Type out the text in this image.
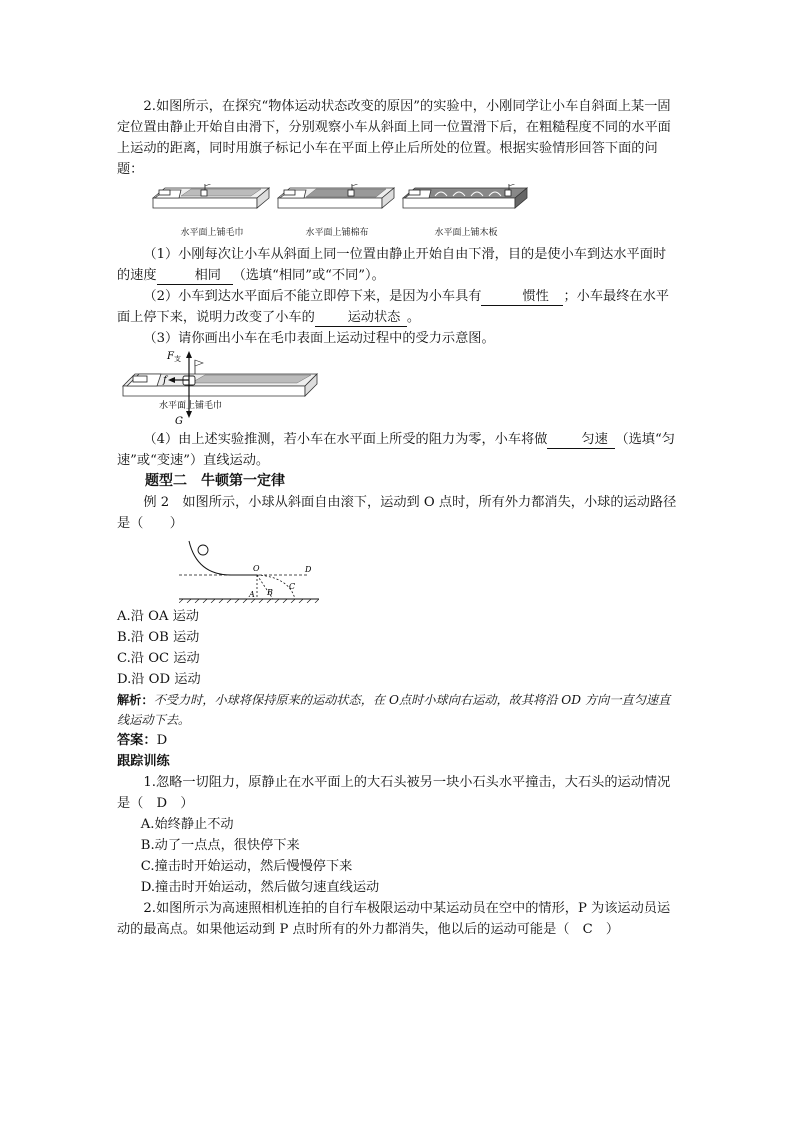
2.如图所示，在探究“物体运动状态改变的原因”的实验中，小刚同学让小车自斜面上某一固定位置由静止开始自由滑下，分别观察小车从斜面上同一位置滑下后，在粗糙程度不同的水平面上运动的距离，同时用旗子标记小车在平面上停止后所处的位置。根据实验情形回答下面的问题：

水平面上铺毛巾	水平面上铺棉布	水平面上铺木板

（1）小刚每次让小车从斜面上同一位置由静止开始自由下滑，目的是使小车到达水平面时的速度	相同 （选填“相同”或“不同”）。

（2）小车到达水平面后不能立即停下来，是因为小车具有	惯性 ；小车最终在水平面上停下来，说明力改变了小车的 运动状态 。

（3）请你画出小车在毛巾表面上运动过程中的受力示意图。

F 支
f
水平面上铺毛巾
G

（4）由上述实验推测，若小车在水平面上所受的阻力为零，小车将做	匀速 （选填“匀速”或“变速”）直线运动。

题型二　牛顿第一定律

例 2　如图所示，小球从斜面自由滚下，运动到 O 点时，所有外力都消失，小球的运动路径是（　　）

O	D
A B
C

A.沿 OA 运动

B.沿 OB 运动

C.沿 OC 运动

D.沿 OD 运动

解析：不受力时，小球将保持原来的运动状态，在 O点时小球向右运动，故其将沿 OD 方向一直匀速直线运动下去。

答案：D

跟踪训练

1.忽略一切阻力，原静止在水平面上的大石头被另一块小石头水平撞击，大石头的运动情况是（　D　）

A.始终静止不动

B.动了一点点，很快停下来

C.撞击时开始运动，然后慢慢停下来

D.撞击时开始运动，然后做匀速直线运动

2.如图所示为高速照相机连拍的自行车极限运动中某运动员在空中的情形，P 为该运动员运动的最高点。如果他运动到 P 点时所有的外力都消失，他以后的运动可能是（　C　）
